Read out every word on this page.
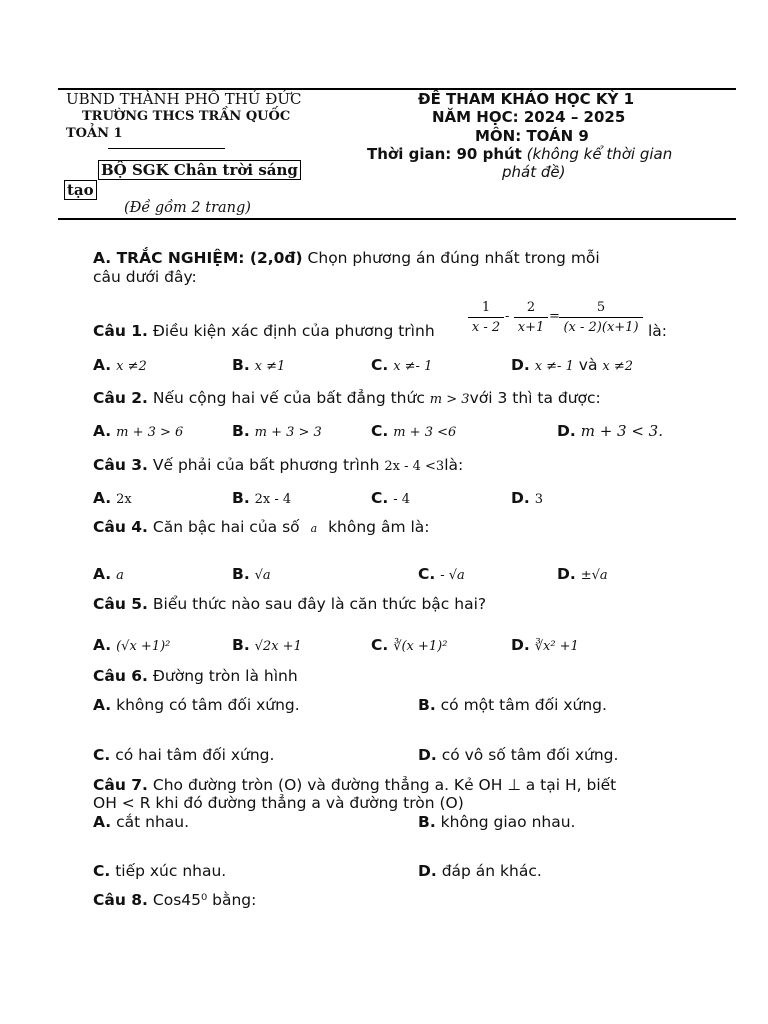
UBND THÀNH PHỐ THỦ ĐỨC
TRƯỜNG THCS TRẦN QUỐC
TOẢN 1
BỘ SGK Chân trời sáng
tạo
(Đề gồm 2 trang)
ĐỀ THAM KHẢO HỌC KỲ 1
NĂM HỌC: 2024 – 2025
MÔN: TOÁN 9
Thời gian: 90 phút (không kể thời gian
phát đề)
A. TRẮC NGHIỆM: (2,0đ) Chọn phương án đúng nhất trong mỗi
câu dưới đây:
Câu 1. Điều kiện xác định của phương trình	$\frac{1}{x - 2} - \frac{2}{x+1} = \frac{5}{(x - 2)(x+1)}$ là:
A. x ≠2	B. x ≠1	C. x ≠- 1	D. x ≠- 1 và x ≠2
Câu 2. Nếu cộng hai vế của bất đẳng thức m > 3với 3 thì ta được:
A. m + 3 > 6	B. m + 3 > 3	C. m + 3 <6	D. m + 3 < 3.
Câu 3. Vế phải của bất phương trình 2x - 4 <3là:
A. 2x	B. 2x - 4	C. - 4	D. 3
Câu 4. Căn bậc hai của số a không âm là:
A. a	B. √a	C. - √a	D. ±√a
Câu 5. Biểu thức nào sau đây là căn thức bậc hai?
A. (√x +1)²	B. √2x +1	C. ∛(x +1)²	D. ∛x² +1
Câu 6. Đường tròn là hình
A. không có tâm đối xứng.	B. có một tâm đối xứng.
C. có hai tâm đối xứng.	D. có vô số tâm đối xứng.
Câu 7. Cho đường tròn (O) và đường thẳng a. Kẻ OH ⊥ a tại H, biết
OH < R khi đó đường thẳng a và đường tròn (O)
A. cắt nhau.	B. không giao nhau.
C. tiếp xúc nhau.	D. đáp án khác.
Câu 8. Cos45⁰ bằng:
